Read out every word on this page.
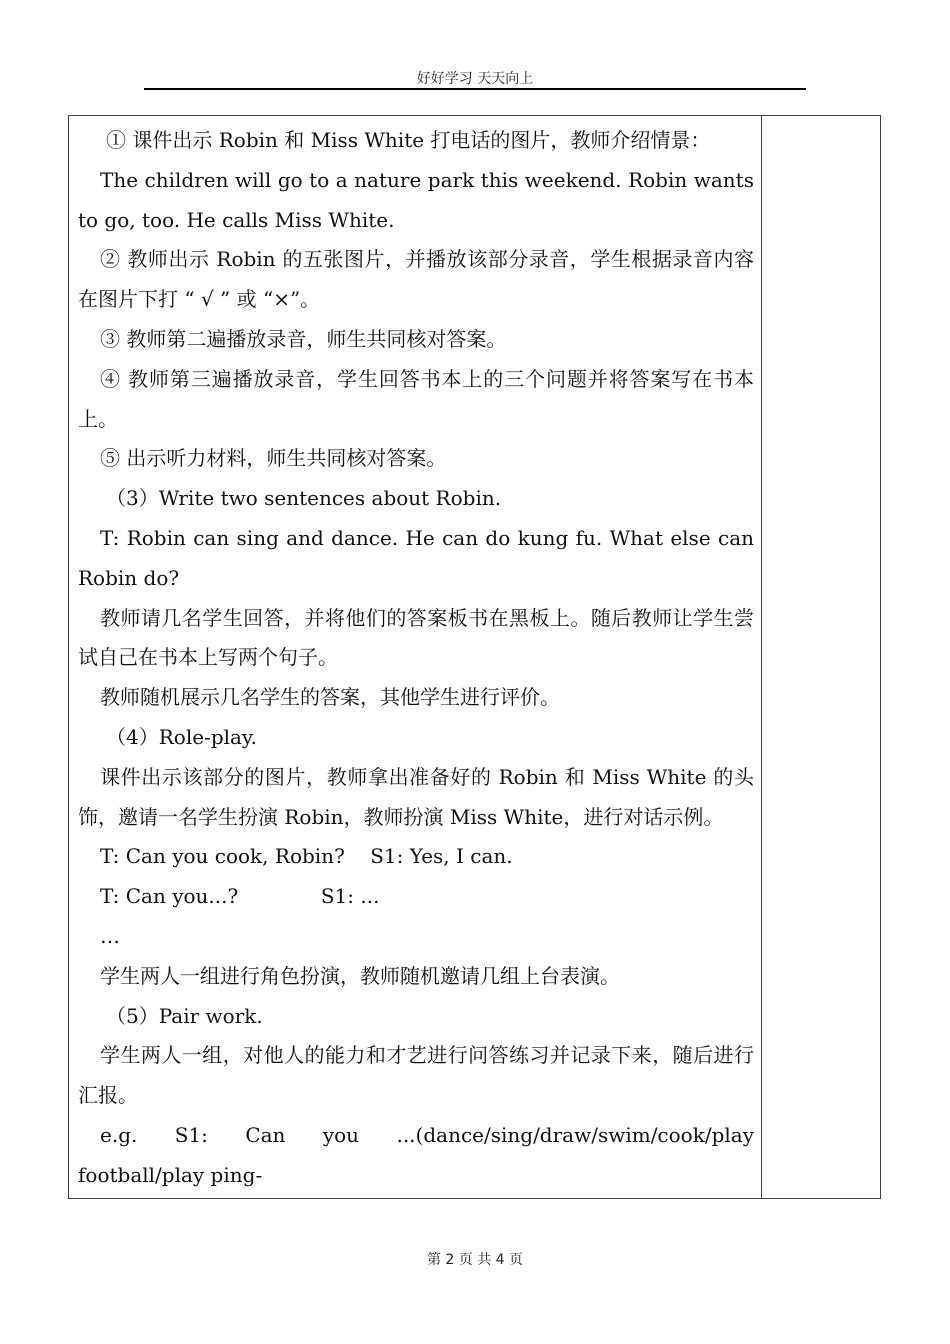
好好学习 天天向上

① 课件出示 Robin 和 Miss White 打电话的图片，教师介绍情景：

The children will go to a nature park this weekend. Robin wants to go, too. He calls Miss White.

② 教师出示 Robin 的五张图片，并播放该部分录音，学生根据录音内容在图片下打 “ √ ” 或 “×”。

③ 教师第二遍播放录音，师生共同核对答案。

④ 教师第三遍播放录音，学生回答书本上的三个问题并将答案写在书本上。

⑤ 出示听力材料，师生共同核对答案。

（3）Write two sentences about Robin.

T: Robin can sing and dance. He can do kung fu. What else can Robin do?

教师请几名学生回答，并将他们的答案板书在黑板上。随后教师让学生尝试自己在书本上写两个句子。

教师随机展示几名学生的答案，其他学生进行评价。

（4）Role-play.

课件出示该部分的图片，教师拿出准备好的 Robin 和 Miss White 的头饰，邀请一名学生扮演 Robin，教师扮演 Miss White，进行对话示例。

T: Can you cook, Robin?    S1: Yes, I can.

T: Can you...?             S1: ...

…

学生两人一组进行角色扮演，教师随机邀请几组上台表演。

（5）Pair work.

学生两人一组，对他人的能力和才艺进行问答练习并记录下来，随后进行汇报。

e.g. S1: Can you ...(dance/sing/draw/swim/cook/play football/play ping-

第 2 页 共 4 页
